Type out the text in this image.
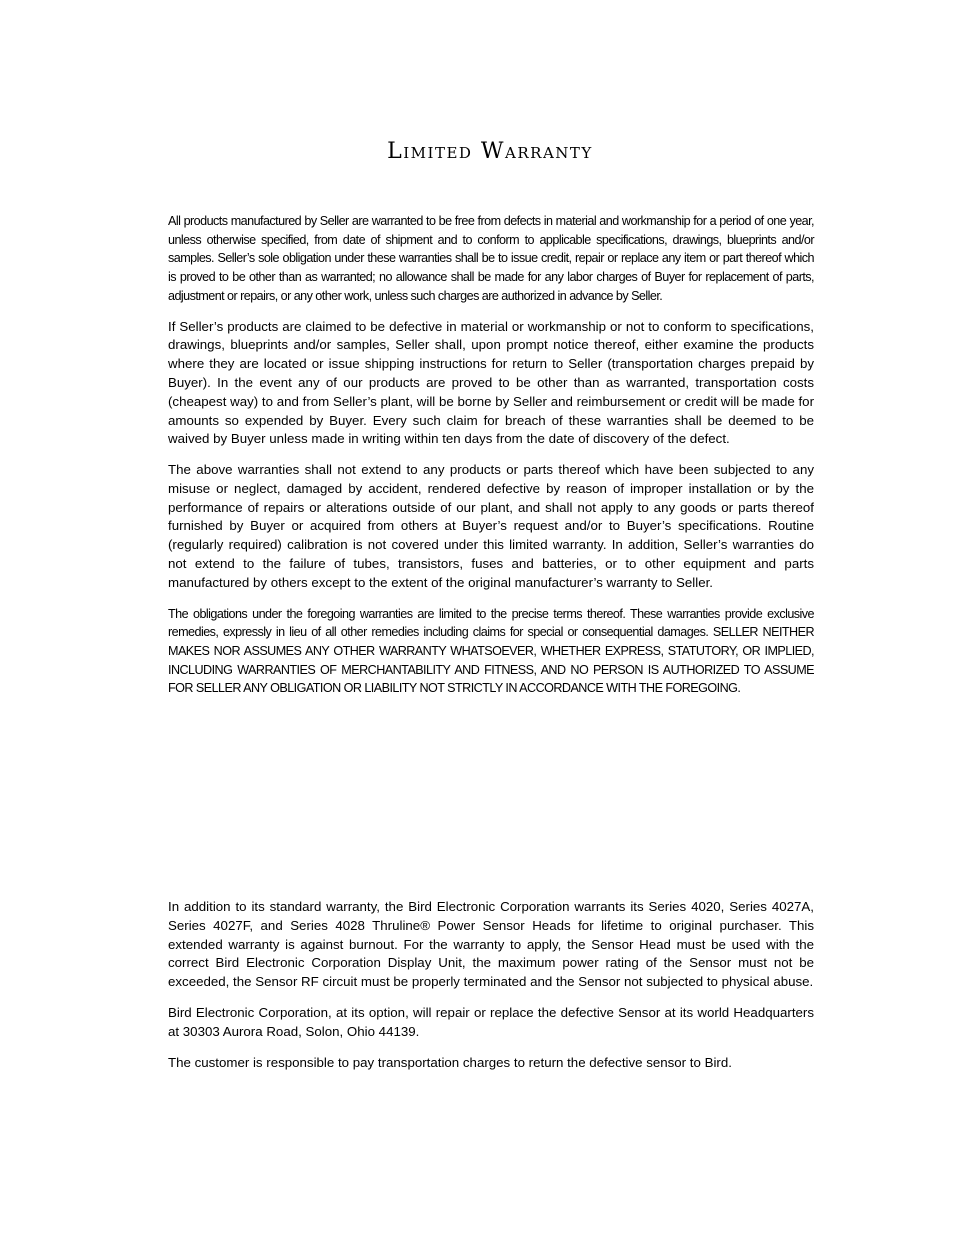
Limited Warranty

All products manufactured by Seller are warranted to be free from defects in material and workmanship for a period of one year, unless otherwise specified, from date of shipment and to conform to applicable specifications, drawings, blueprints and/or samples. Seller’s sole obligation under these warranties shall be to issue credit, repair or replace any item or part thereof which is proved to be other than as warranted; no allowance shall be made for any labor charges of Buyer for replacement of parts, adjustment or repairs, or any other work, unless such charges are authorized in advance by Seller.

If Seller’s products are claimed to be defective in material or workmanship or not to conform to specifications, drawings, blueprints and/or samples, Seller shall, upon prompt notice thereof, either examine the products where they are located or issue shipping instructions for return to Seller (transportation charges prepaid by Buyer). In the event any of our products are proved to be other than as warranted, transportation costs (cheapest way) to and from Seller’s plant, will be borne by Seller and reimbursement or credit will be made for amounts so expended by Buyer. Every such claim for breach of these warranties shall be deemed to be waived by Buyer unless made in writing within ten days from the date of discovery of the defect.

The above warranties shall not extend to any products or parts thereof which have been subjected to any misuse or neglect, damaged by accident, rendered defective by reason of improper installation or by the performance of repairs or alterations outside of our plant, and shall not apply to any goods or parts thereof furnished by Buyer or acquired from others at Buyer’s request and/or to Buyer’s specifications. Routine (regularly required) calibration is not covered under this limited warranty. In addition, Seller’s warranties do not extend to the failure of tubes, transistors, fuses and batteries, or to other equipment and parts manufactured by others except to the extent of the original manufacturer’s warranty to Seller.

The obligations under the foregoing warranties are limited to the precise terms thereof. These warranties provide exclusive remedies, expressly in lieu of all other remedies including claims for special or consequential damages. SELLER NEITHER MAKES NOR ASSUMES ANY OTHER WARRANTY WHATSOEVER, WHETHER EXPRESS, STATUTORY, OR IMPLIED, INCLUDING WARRANTIES OF MERCHANTABILITY AND FITNESS, AND NO PERSON IS AUTHORIZED TO ASSUME FOR SELLER ANY OBLIGATION OR LIABILITY NOT STRICTLY IN ACCORDANCE WITH THE FOREGOING.

In addition to its standard warranty, the Bird Electronic Corporation warrants its Series 4020, Series 4027A, Series 4027F, and Series 4028 Thruline® Power Sensor Heads for lifetime to original purchaser. This extended warranty is against burnout. For the warranty to apply, the Sensor Head must be used with the correct Bird Electronic Corporation Display Unit, the maximum power rating of the Sensor must not be exceeded, the Sensor RF circuit must be properly terminated and the Sensor not subjected to physical abuse.

Bird Electronic Corporation, at its option, will repair or replace the defective Sensor at its world Headquarters at 30303 Aurora Road, Solon, Ohio 44139.

The customer is responsible to pay transportation charges to return the defective sensor to Bird.
